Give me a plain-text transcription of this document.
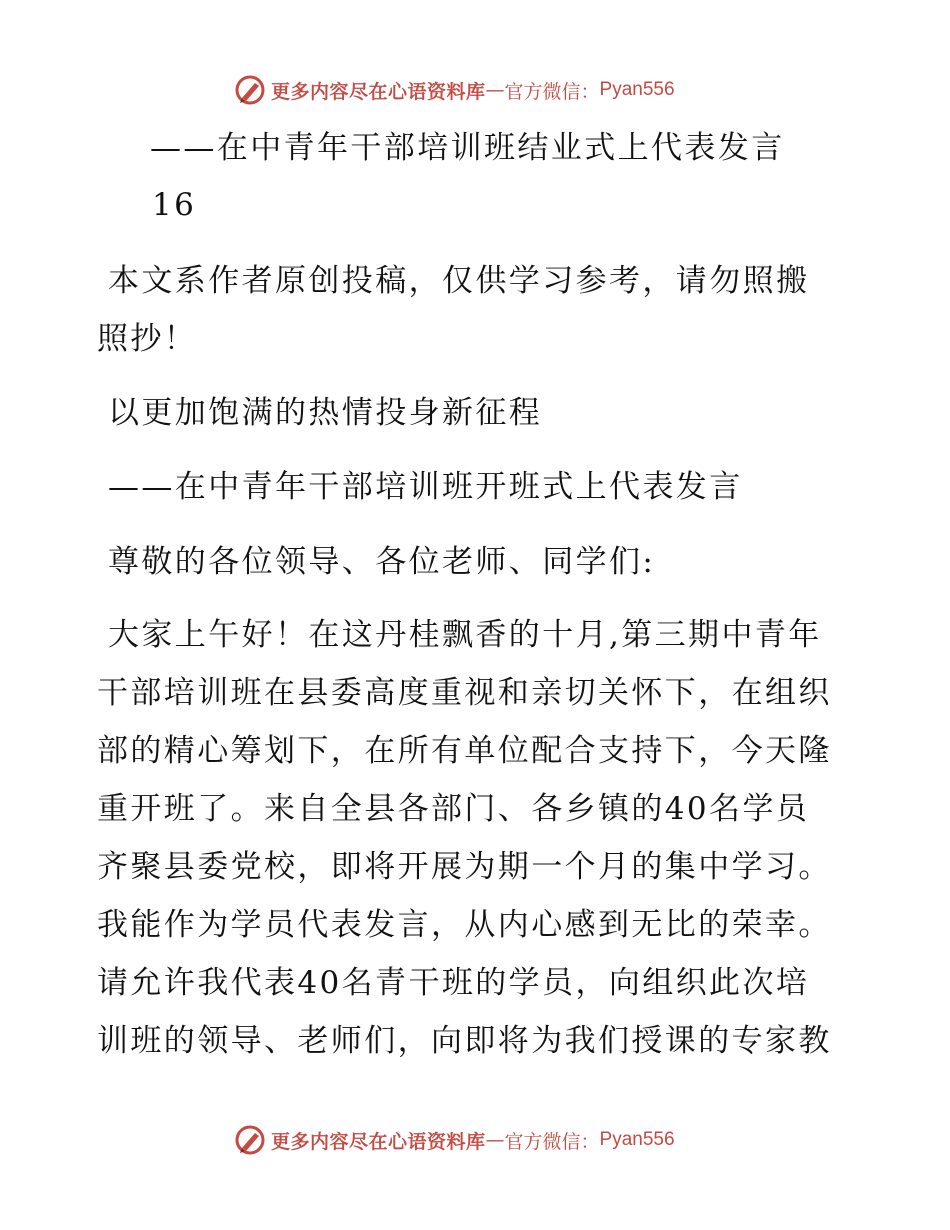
更多内容尽在心语资料库 — 官方微信： Pyan556

——在中青年干部培训班结业式上代表发言

16

本文系作者原创投稿，仅供学习参考，请勿照搬

照抄！

以更加饱满的热情投身新征程

——在中青年干部培训班开班式上代表发言

尊敬的各位领导、各位老师、同学们:

大家上午好！在这丹桂飘香的十月,第三期中青年

干部培训班在县委高度重视和亲切关怀下，在组织

部的精心筹划下，在所有单位配合支持下，今天隆

重开班了。来自全县各部门、各乡镇的40名学员

齐聚县委党校，即将开展为期一个月的集中学习。

我能作为学员代表发言，从内心感到无比的荣幸。

请允许我代表40名青干班的学员，向组织此次培

训班的领导、老师们，向即将为我们授课的专家教

更多内容尽在心语资料库 — 官方微信： Pyan556
